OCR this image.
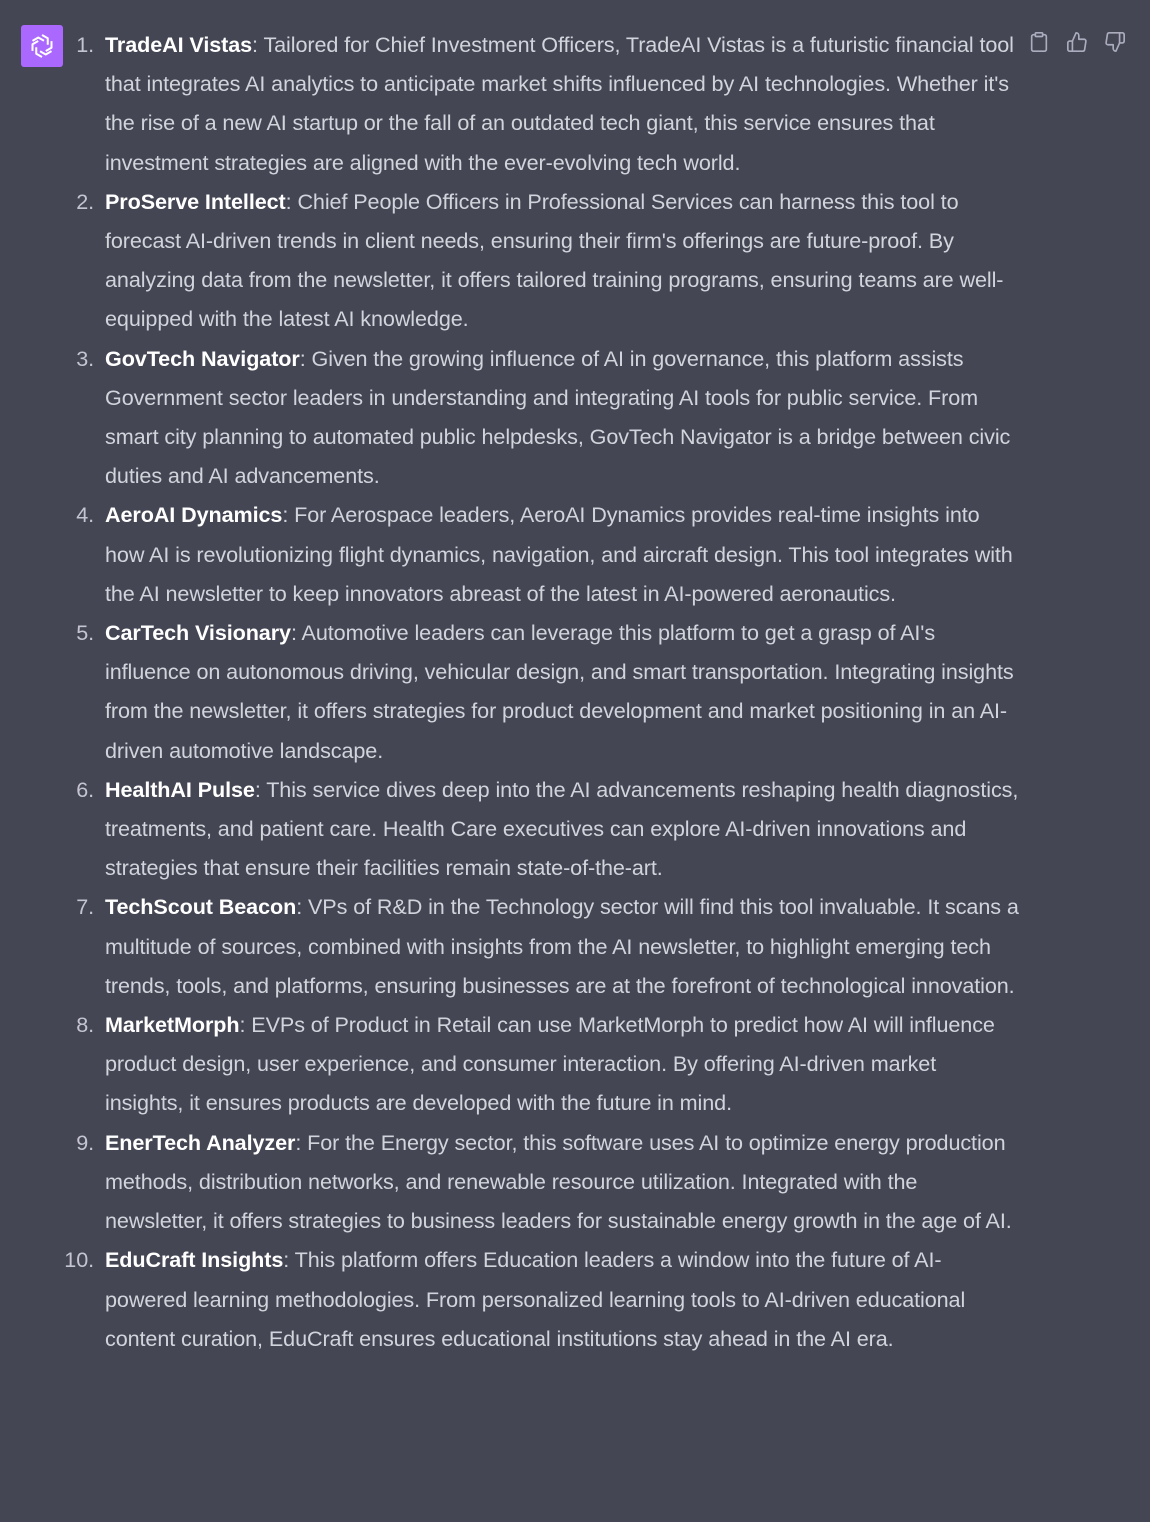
1. TradeAI Vistas: Tailored for Chief Investment Officers, TradeAI Vistas is a futuristic financial tool that integrates AI analytics to anticipate market shifts influenced by AI technologies. Whether it's the rise of a new AI startup or the fall of an outdated tech giant, this service ensures that investment strategies are aligned with the ever-evolving tech world.
2. ProServe Intellect: Chief People Officers in Professional Services can harness this tool to forecast AI-driven trends in client needs, ensuring their firm's offerings are future-proof. By analyzing data from the newsletter, it offers tailored training programs, ensuring teams are well-equipped with the latest AI knowledge.
3. GovTech Navigator: Given the growing influence of AI in governance, this platform assists Government sector leaders in understanding and integrating AI tools for public service. From smart city planning to automated public helpdesks, GovTech Navigator is a bridge between civic duties and AI advancements.
4. AeroAI Dynamics: For Aerospace leaders, AeroAI Dynamics provides real-time insights into how AI is revolutionizing flight dynamics, navigation, and aircraft design. This tool integrates with the AI newsletter to keep innovators abreast of the latest in AI-powered aeronautics.
5. CarTech Visionary: Automotive leaders can leverage this platform to get a grasp of AI's influence on autonomous driving, vehicular design, and smart transportation. Integrating insights from the newsletter, it offers strategies for product development and market positioning in an AI-driven automotive landscape.
6. HealthAI Pulse: This service dives deep into the AI advancements reshaping health diagnostics, treatments, and patient care. Health Care executives can explore AI-driven innovations and strategies that ensure their facilities remain state-of-the-art.
7. TechScout Beacon: VPs of R&D in the Technology sector will find this tool invaluable. It scans a multitude of sources, combined with insights from the AI newsletter, to highlight emerging tech trends, tools, and platforms, ensuring businesses are at the forefront of technological innovation.
8. MarketMorph: EVPs of Product in Retail can use MarketMorph to predict how AI will influence product design, user experience, and consumer interaction. By offering AI-driven market insights, it ensures products are developed with the future in mind.
9. EnerTech Analyzer: For the Energy sector, this software uses AI to optimize energy production methods, distribution networks, and renewable resource utilization. Integrated with the newsletter, it offers strategies to business leaders for sustainable energy growth in the age of AI.
10. EduCraft Insights: This platform offers Education leaders a window into the future of AI-powered learning methodologies. From personalized learning tools to AI-driven educational content curation, EduCraft ensures educational institutions stay ahead in the AI era.
